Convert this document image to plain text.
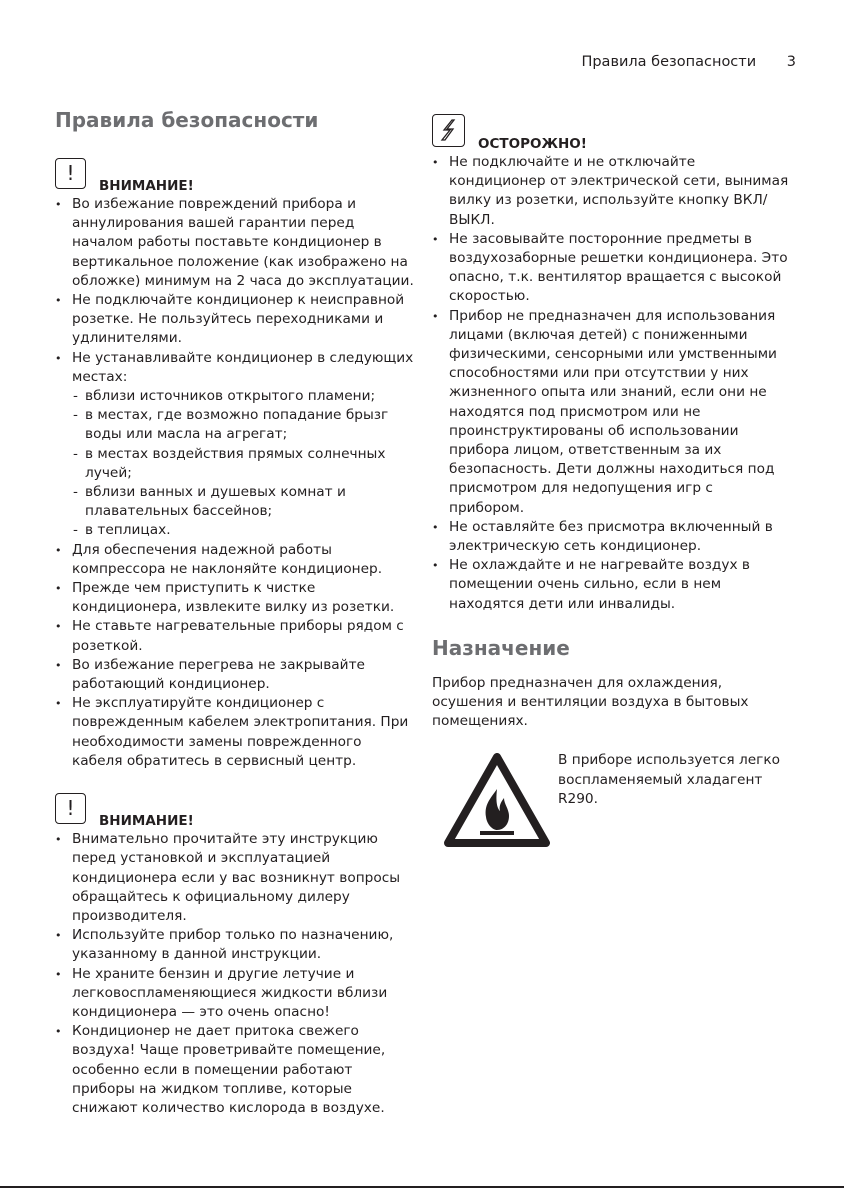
Правила безопасности 3
Правила безопасности
!
ВНИМАНИЕ!
• Во избежание повреждений прибора и аннулирования вашей гарантии перед началом работы поставьте кондиционер в вертикальное положение (как изображено на обложке) минимум на 2 часа до эксплуатации.
• Не подключайте кондиционер к неисправной розетке. Не пользуйтесь переходниками и удлинителями.
• Не устанавливайте кондиционер в следующих местах:
- вблизи источников открытого пламени;
- в местах, где возможно попадание брызг воды или масла на агрегат;
- в местах воздействия прямых солнечных лучей;
- вблизи ванных и душевых комнат и плавательных бассейнов;
- в теплицах.
• Для обеспечения надежной работы компрессора не наклоняйте кондиционер.
• Прежде чем приступить к чистке кондиционера, извлеките вилку из розетки.
• Не ставьте нагревательные приборы рядом с розеткой.
• Во избежание перегрева не закрывайте работающий кондиционер.
• Не эксплуатируйте кондиционер с поврежденным кабелем электропитания. При необходимости замены поврежденного кабеля обратитесь в сервисный центр.
!
ВНИМАНИЕ!
• Внимательно прочитайте эту инструкцию перед установкой и эксплуатацией кондиционера если у вас возникнут вопросы обращайтесь к официальному дилеру производителя.
• Используйте прибор только по назначению, указанному в данной инструкции.
• Не храните бензин и другие летучие и легковоспламеняющиеся жидкости вблизи кондиционера — это очень опасно!
• Кондиционер не дает притока свежего воздуха! Чаще проветривайте помещение, особенно если в помещении работают приборы на жидком топливе, которые снижают количество кислорода в воздухе.
ОСТОРОЖНО!
• Не подключайте и не отключайте кондиционер от электрической сети, вынимая вилку из розетки, используйте кнопку ВКЛ/ВЫКЛ.
• Не засовывайте посторонние предметы в воздухозаборные решетки кондиционера. Это опасно, т.к. вентилятор вращается с высокой скоростью.
• Прибор не предназначен для использования лицами (включая детей) с пониженными физическими, сенсорными или умственными способностями или при отсутствии у них жизненного опыта или знаний, если они не находятся под присмотром или не проинструктированы об использовании прибора лицом, ответственным за их безопасность. Дети должны находиться под присмотром для недопущения игр с прибором.
• Не оставляйте без присмотра включенный в электрическую сеть кондиционер.
• Не охлаждайте и не нагревайте воздух в помещении очень сильно, если в нем находятся дети или инвалиды.
Назначение

Прибор предназначен для охлаждения, осушения и вентиляции воздуха в бытовых помещениях.

В приборе используется легко воспламеняемый хладагент R290.
